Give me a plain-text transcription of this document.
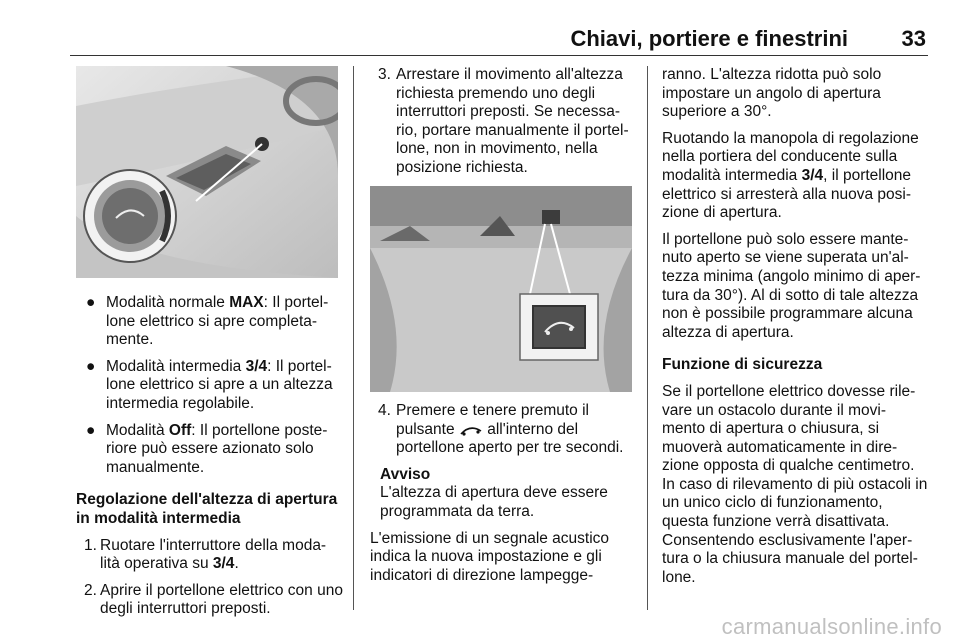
Chiavi, portiere e finestrini 33
● Modalità normale MAX: Il portel-lone elettrico si apre completa-mente.
● Modalità intermedia 3/4: Il portel-lone elettrico si apre a un altezza intermedia regolabile.
● Modalità Off: Il portellone poste-riore può essere azionato solo manualmente.

Regolazione dell'altezza di apertura in modalità intermedia

1. Ruotare l'interruttore della moda-lità operativa su 3/4.
2. Aprire il portellone elettrico con uno degli interruttori preposti.
3. Arrestare il movimento all'altezza richiesta premendo uno degli interruttori preposti. Se necessa-rio, portare manualmente il portel-lone, non in movimento, nella posizione richiesta.
4. Premere e tenere premuto il pulsante
all'interno del portellone aperto per tre secondi.

Avviso

L'altezza di apertura deve essere programmata da terra.

L'emissione di un segnale acustico indica la nuova impostazione e gli indicatori di direzione lampegge-

ranno. L'altezza ridotta può solo impostare un angolo di apertura superiore a 30°.

Ruotando la manopola di regolazione nella portiera del conducente sulla modalità intermedia 3/4, il portellone elettrico si arresterà alla nuova posi-zione di apertura.

Il portellone può solo essere mante-nuto aperto se viene superata un'al-tezza minima (angolo minimo di aper-tura da 30°). Al di sotto di tale altezza non è possibile programmare alcuna altezza di apertura.

Funzione di sicurezza

Se il portellone elettrico dovesse rile-vare un ostacolo durante il movi-mento di apertura o chiusura, si muoverà automaticamente in dire-zione opposta di qualche centimetro. In caso di rilevamento di più ostacoli in un unico ciclo di funzionamento, questa funzione verrà disattivata. Consentendo esclusivamente l'aper-tura o la chiusura manuale del portel-lone.

carmanualsonline.info
